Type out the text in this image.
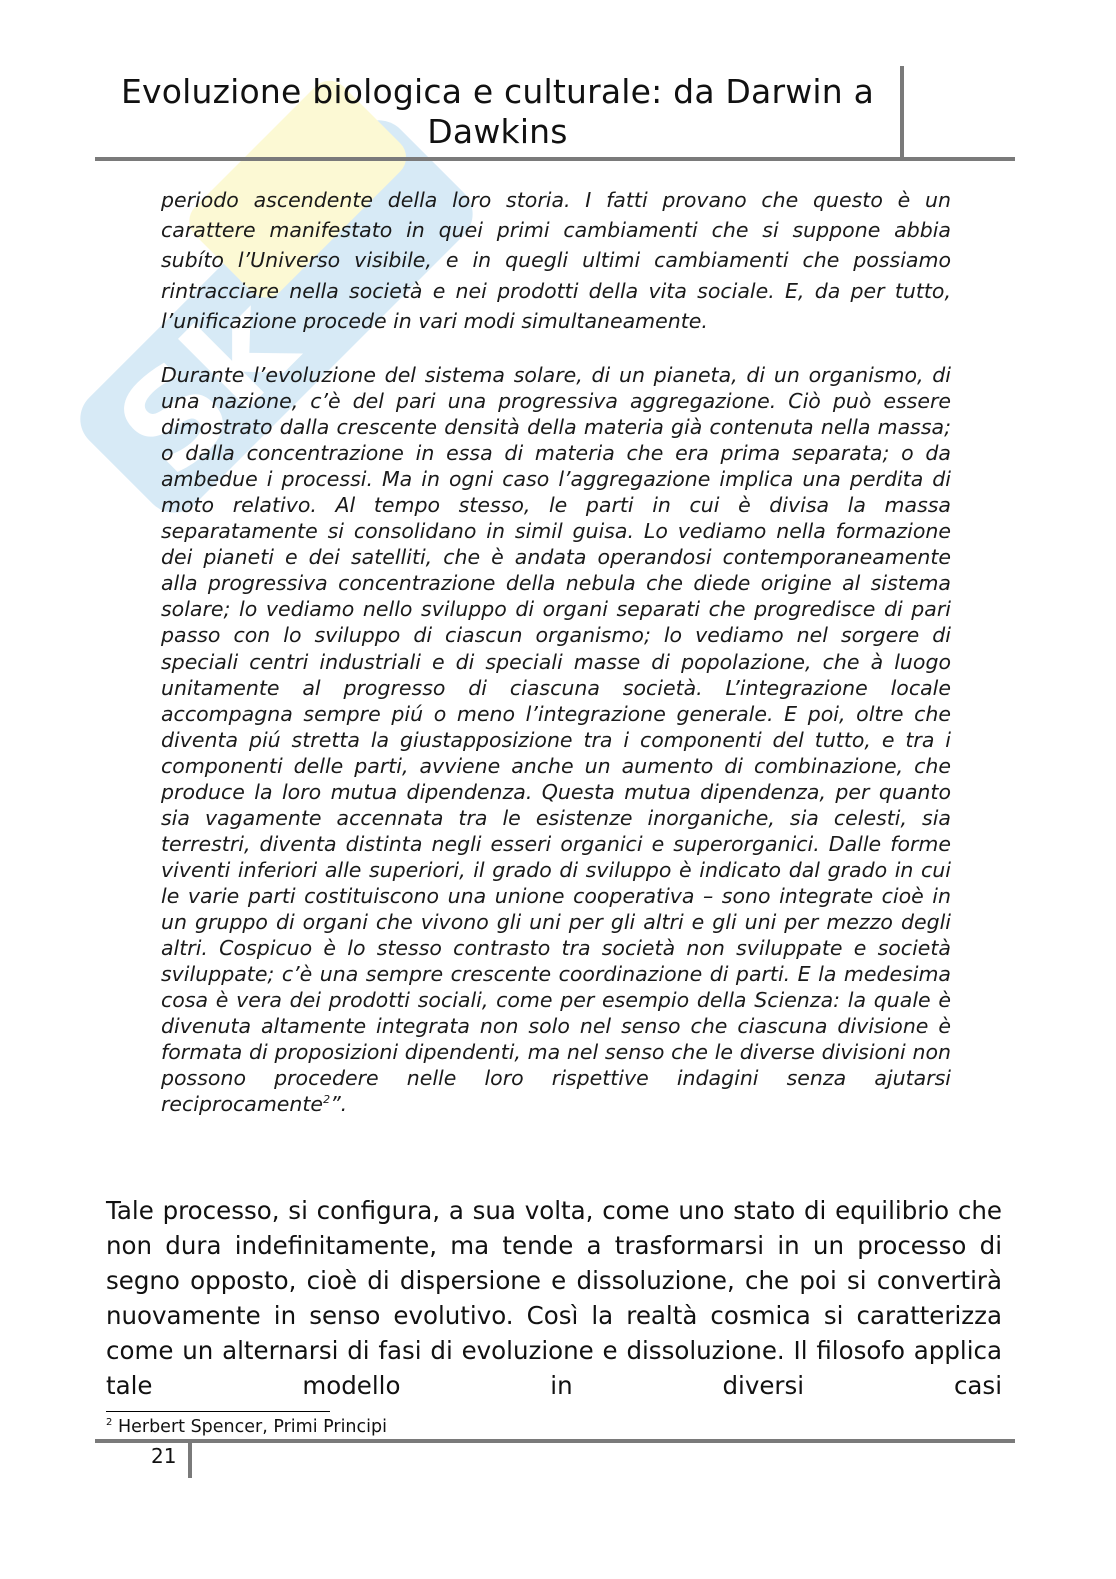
Sk
Evoluzione biologica e culturale: da Darwin a Dawkins

periodo ascendente della loro storia. I fatti provano che questo è un carattere manifestato in quei primi cambiamenti che si suppone abbia subíto l’Universo visibile, e in quegli ultimi cambiamenti che possiamo rintracciare nella società e nei prodotti della vita sociale. E, da per tutto, l’unificazione procede in vari modi simultaneamente.

Durante l’evoluzione del sistema solare, di un pianeta, di un organismo, di una nazione, c’è del pari una progressiva aggregazione. Ciò può essere dimostrato dalla crescente densità della materia già contenuta nella massa; o dalla concentrazione in essa di materia che era prima separata; o da ambedue i processi. Ma in ogni caso l’aggregazione implica una perdita di moto relativo. Al tempo stesso, le parti in cui è divisa la massa separatamente si consolidano in simil guisa. Lo vediamo nella formazione dei pianeti e dei satelliti, che è andata operandosi contemporaneamente alla progressiva concentrazione della nebula che diede origine al sistema solare; lo vediamo nello sviluppo di organi separati che progredisce di pari passo con lo sviluppo di ciascun organismo; lo vediamo nel sorgere di speciali centri industriali e di speciali masse di popolazione, che à luogo unitamente al progresso di ciascuna società. L’integrazione locale accompagna sempre piú o meno l’integrazione generale. E poi, oltre che diventa piú stretta la giustapposizione tra i componenti del tutto, e tra i componenti delle parti, avviene anche un aumento di combinazione, che produce la loro mutua dipendenza. Questa mutua dipendenza, per quanto sia vagamente accennata tra le esistenze inorganiche, sia celesti, sia terrestri, diventa distinta negli esseri organici e superorganici. Dalle forme viventi inferiori alle superiori, il grado di sviluppo è indicato dal grado in cui le varie parti costituiscono una unione cooperativa – sono integrate cioè in un gruppo di organi che vivono gli uni per gli altri e gli uni per mezzo degli altri. Cospicuo è lo stesso contrasto tra società non sviluppate e società sviluppate; c’è una sempre crescente coordinazione di parti. E la medesima cosa è vera dei prodotti sociali, come per esempio della Scienza: la quale è divenuta altamente integrata non solo nel senso che ciascuna divisione è formata di proposizioni dipendenti, ma nel senso che le diverse divisioni non possono procedere nelle loro rispettive indagini senza ajutarsi reciprocamente$^2$”.

Tale processo, si configura, a sua volta, come uno stato di equilibrio che non dura indefinitamente, ma tende a trasformarsi in un processo di segno opposto, cioè di dispersione e dissoluzione, che poi si convertirà nuovamente in senso evolutivo. Così la realtà cosmica si caratterizza come un alternarsi di fasi di evoluzione e dissoluzione. Il filosofo applica tale modello in diversi casi
$^2$ Herbert Spencer, Primi Principi
21
